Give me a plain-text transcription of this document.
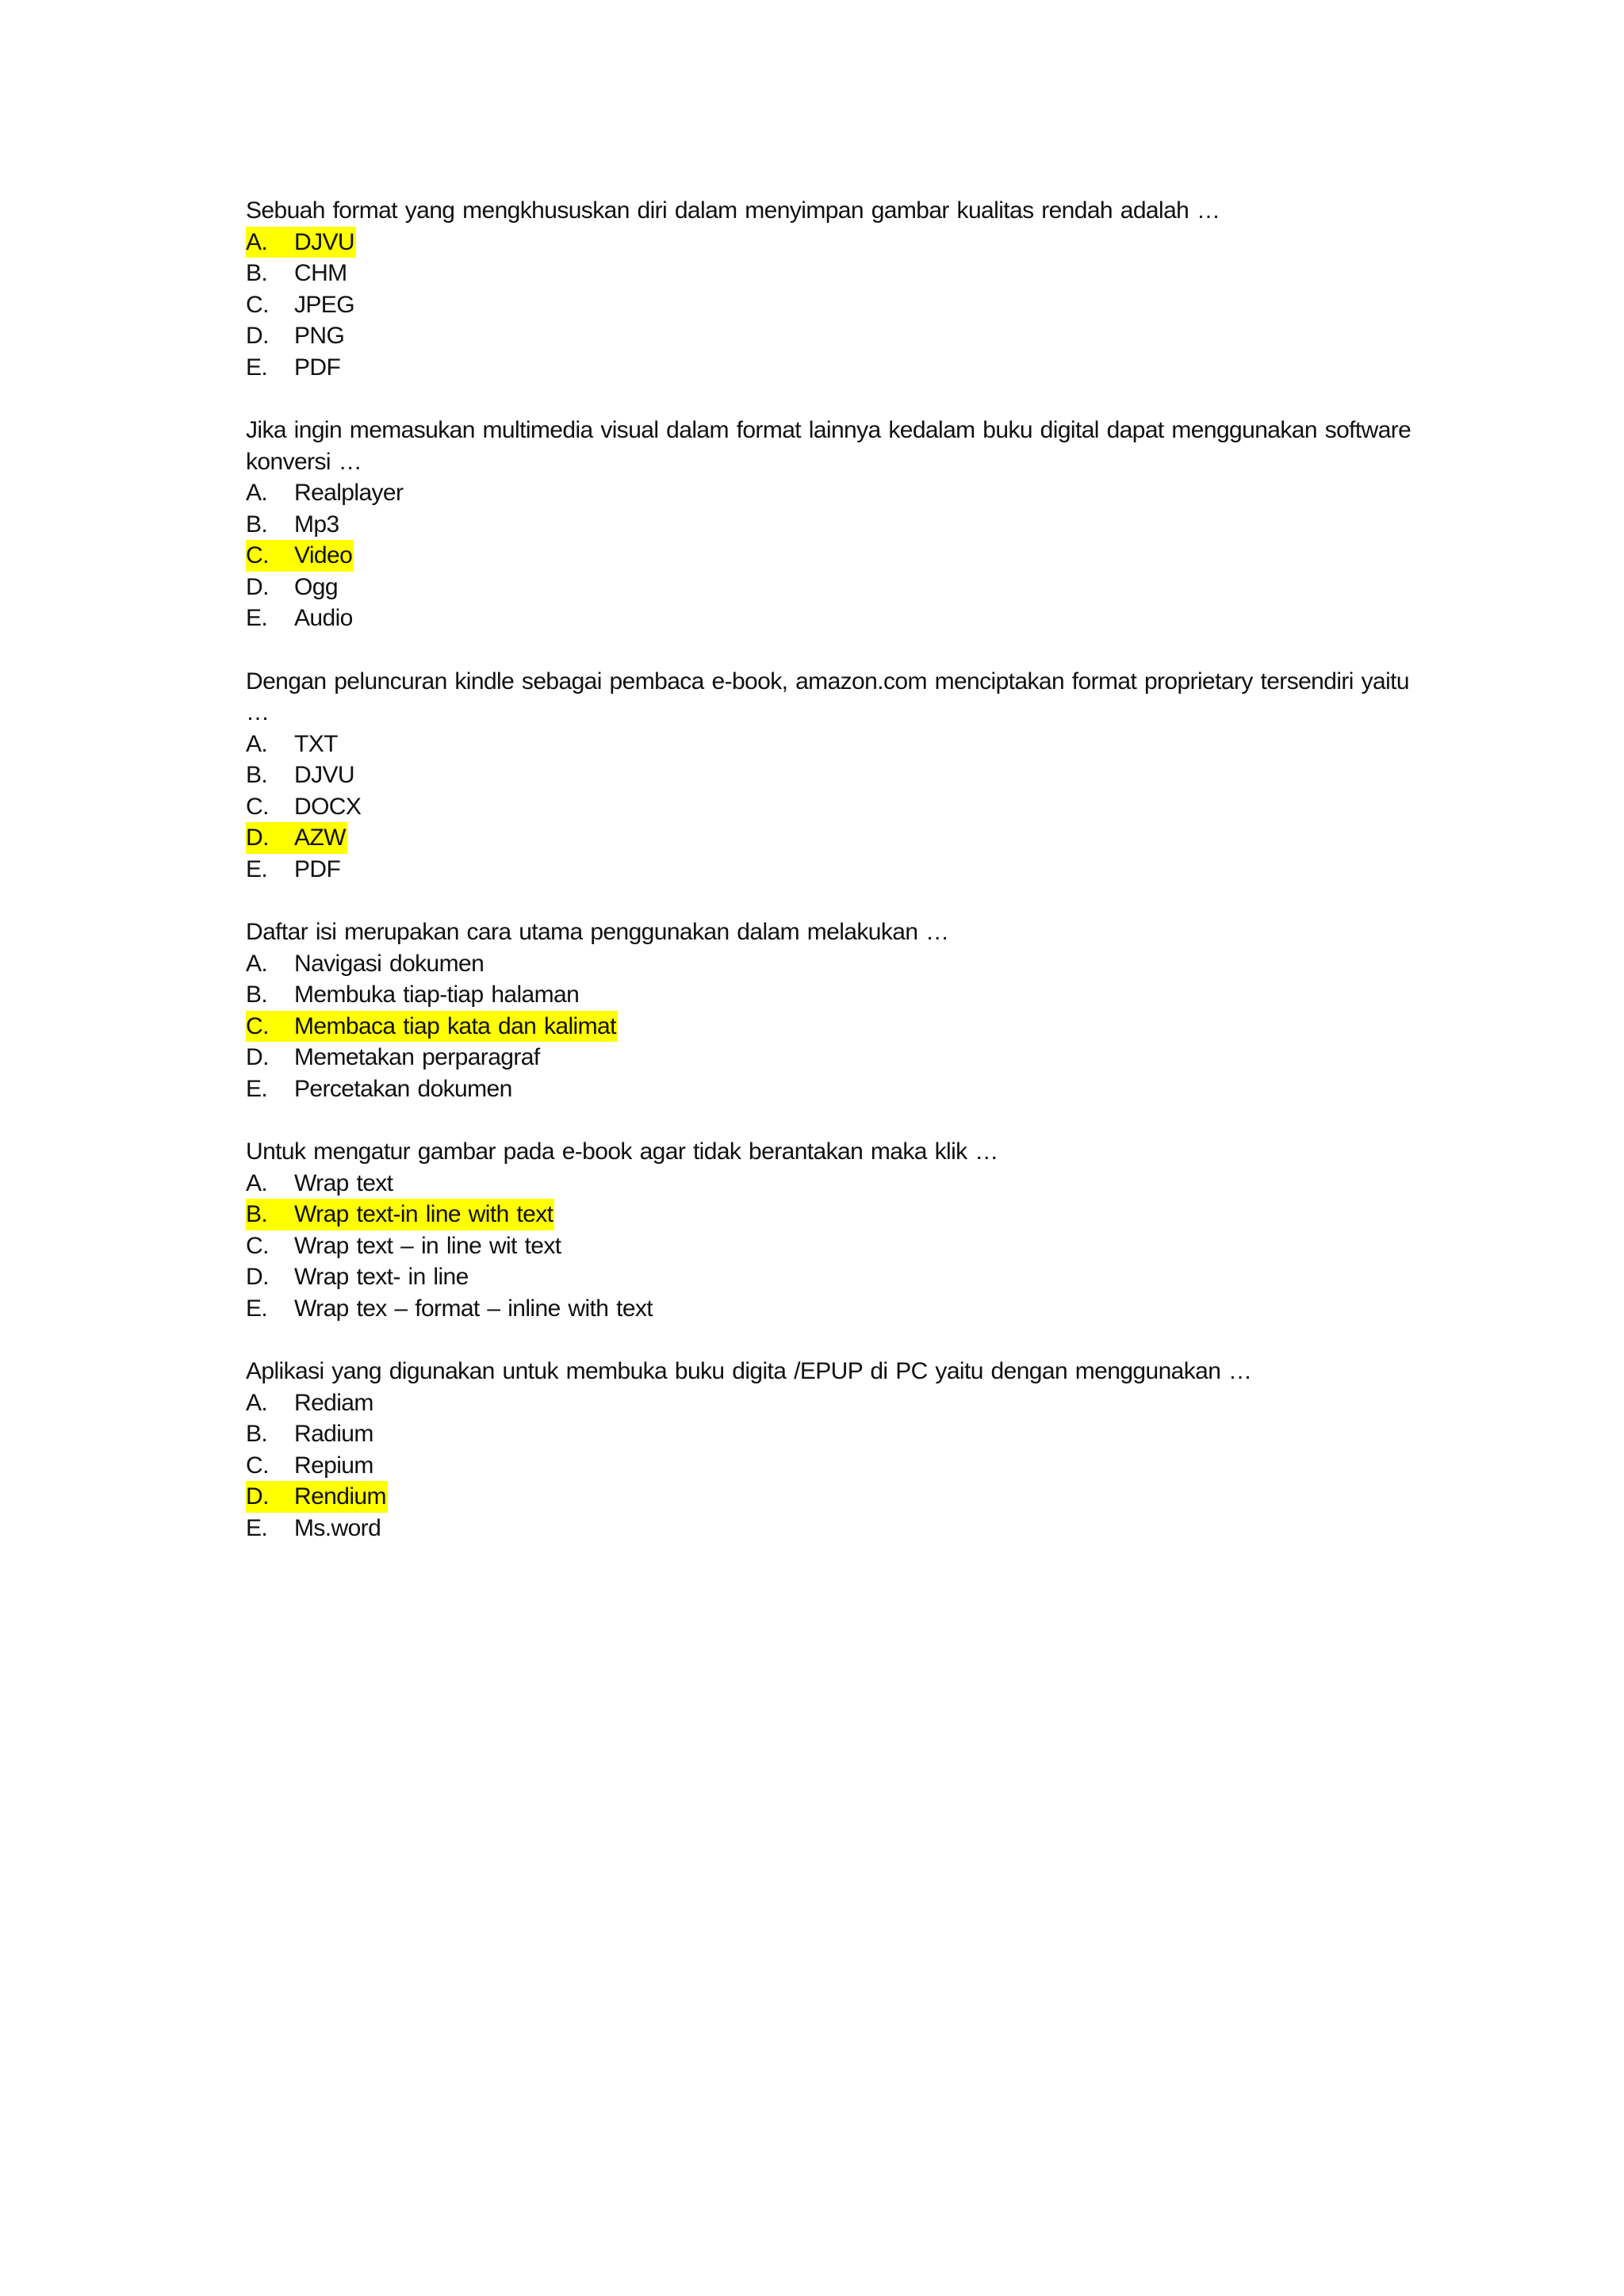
Sebuah format yang mengkhususkan diri dalam menyimpan gambar kualitas rendah adalah …

A. DJVU
B. CHM
C. JPEG
D. PNG
E. PDF

Jika ingin memasukan multimedia visual dalam format lainnya kedalam buku digital dapat menggunakan software konversi …

A. Realplayer
B. Mp3
C. Video
D. Ogg
E. Audio

Dengan peluncuran kindle sebagai pembaca e-book, amazon.com menciptakan format proprietary tersendiri yaitu …

A. TXT
B. DJVU
C. DOCX
D. AZW
E. PDF

Daftar isi merupakan cara utama penggunakan dalam melakukan …

A. Navigasi dokumen
B. Membuka tiap-tiap halaman
C. Membaca tiap kata dan kalimat
D. Memetakan perparagraf
E. Percetakan dokumen

Untuk mengatur gambar pada e-book agar tidak berantakan maka klik …

A. Wrap text
B. Wrap text-in line with text
C. Wrap text – in line wit text
D. Wrap text- in line
E. Wrap tex – format – inline with text

Aplikasi yang digunakan untuk membuka buku digita /EPUP di PC yaitu dengan menggunakan …

A. Rediam
B. Radium
C. Repium
D. Rendium
E. Ms.word
